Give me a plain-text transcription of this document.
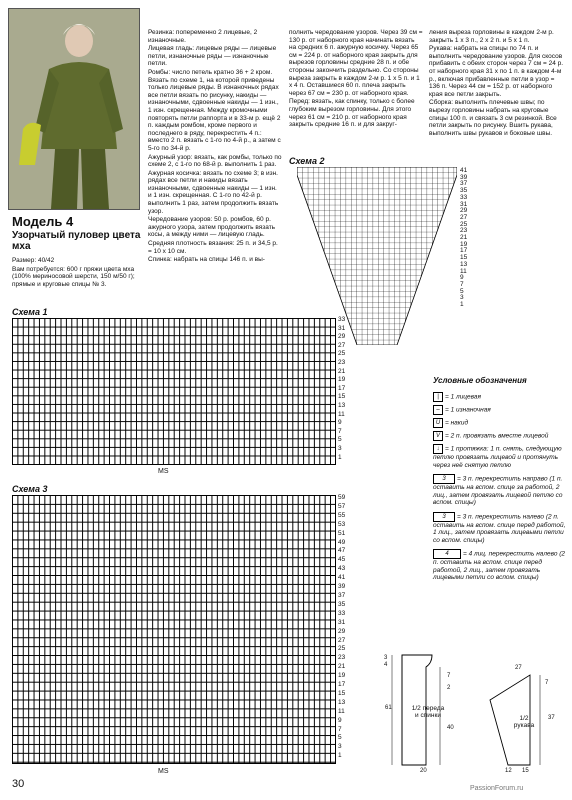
Модель 4
Узорчатый пуловер цвета мха

Размер: 40/42

Вам потребуется: 600 г пряжи цвета мха (100% мериносовой шерсти, 150 м/50 г); прямые и круговые спицы № 3.

Резинка: попеременно 2 лицевые, 2 изнаночные.

Лицевая гладь: лицевые ряды — лицевые петли, изнаночные ряды — изнаночные петли.

Ромбы: число петель кратно 36 + 2 кром. Вязать по схеме 1, на которой приведены только лицевые ряды. В изнаночных рядах все петли вязать по рисунку, накиды — изнаночными, сдвоенные накиды — 1 изн., 1 изн. скрещенная. Между кромочными повторять петли раппорта и в 33-м р. ещё 2 п. каждым ромбом, кроме первого и последнего в ряду, перекрестить 4 п.: вместо 2 п. вязать с 1-го по 4-й р., а затем с 5-го по 34-й р.

Ажурный узор: вязать, как ромбы, только по схеме 2, с 1-го по 68-й р. выполнить 1 раз.

Ажурная косичка: вязать по схеме 3; в изн. рядах все петли и накиды вязать изнаночными, сдвоенные накиды — 1 изн. и 1 изн. скрещенная. С 1-го по 42-й р. выполнить 1 раз, затем продолжить вязать узор.

Чередование узоров: 50 р. ромбов, 60 р. ажурного узора, затем продолжить вязать косы, а между ними — лицевую гладь.

Средняя плотность вязания: 25 п. и 34,5 р. = 10 х 10 см.

Спинка: набрать на спицы 146 п. и вы-

полнить чередование узоров. Через 39 см = 130 р. от наборного края начинать вязать на средних 6 п. ажурную косичку. Через 65 см = 224 р. от наборного края закрыть для вырезов горловины средние 28 п. и обе стороны закончить раздельно. Со стороны выреза закрыть в каждом 2-м р. 1 х 5 п. и 1 х 4 п. Оставшиеся 60 п. плеча закрыть через 67 см = 230 р. от наборного края.

Перед: вязать, как спинку, только с более глубоким вырезом горловины. Для этого через 61 см = 210 р. от наборного края закрыть средние 16 п. и для закруг-

ления выреза горловины в каждом 2-м р. закрыть 1 х 3 п., 2 х 2 п. и 5 х 1 п.

Рукава: набрать на спицы по 74 п. и выполнить чередование узоров. Для скосов прибавить с обеих сторон через 7 см = 24 р. от наборного края 31 х по 1 п. в каждом 4-м р., включая прибавленные петли в узор = 136 п. Через 44 см = 152 р. от наборного края все петли закрыть.

Сборка: выполнить плечевые швы; по вырезу горловины набрать на круговые спицы 100 п. и связать 3 см резинкой. Все петли закрыть по рисунку. Вшить рукава, выполнить швы рукавов и боковые швы.

Схема 2
41
39
37
35
33
31
29
27
25
23
21
19
17
15
13
11
9
7
5
3
1
Схема 1
33
31
29
27
25
23
21
19
17
15
13
11
9
7
5
3
1
MS
Схема 3
59
57
55
53
51
49
47
45
43
41
39
37
35
33
31
29
27
25
23
21
19
17
15
13
11
9
7
5
3
1
MS
Условные обозначения
| = 1 лицевая
– = 1 изнаночная
U = накид
V = 2 п. провязать вместе лицевой
↓ = 1 протяжка: 1 п. снять, следующую петлю провязать лицевой и протянуть через неё снятую петлю
3 = 3 п. перекрестить направо (1 п. оставить на вспом. спице за работой, 2 лиц., затем провязать лицевой петлю со вспом. спицы)
3 = 3 п. перекрестить налево (2 п. оставить на вспом. спице перед работой, 1 лиц., затем провязать лицевыми петли со вспом. спицы)
4 = 4 лиц. перекрестить налево (2 п. оставить на вспом. спице перед работой, 2 лиц., затем провязать лицевыми петли со вспом. спицы)
1/2 переда и спинки	1/2 рукава
3
4
7
2
61
40
20
27
7
37
12 15
30	PassionForum.ru
